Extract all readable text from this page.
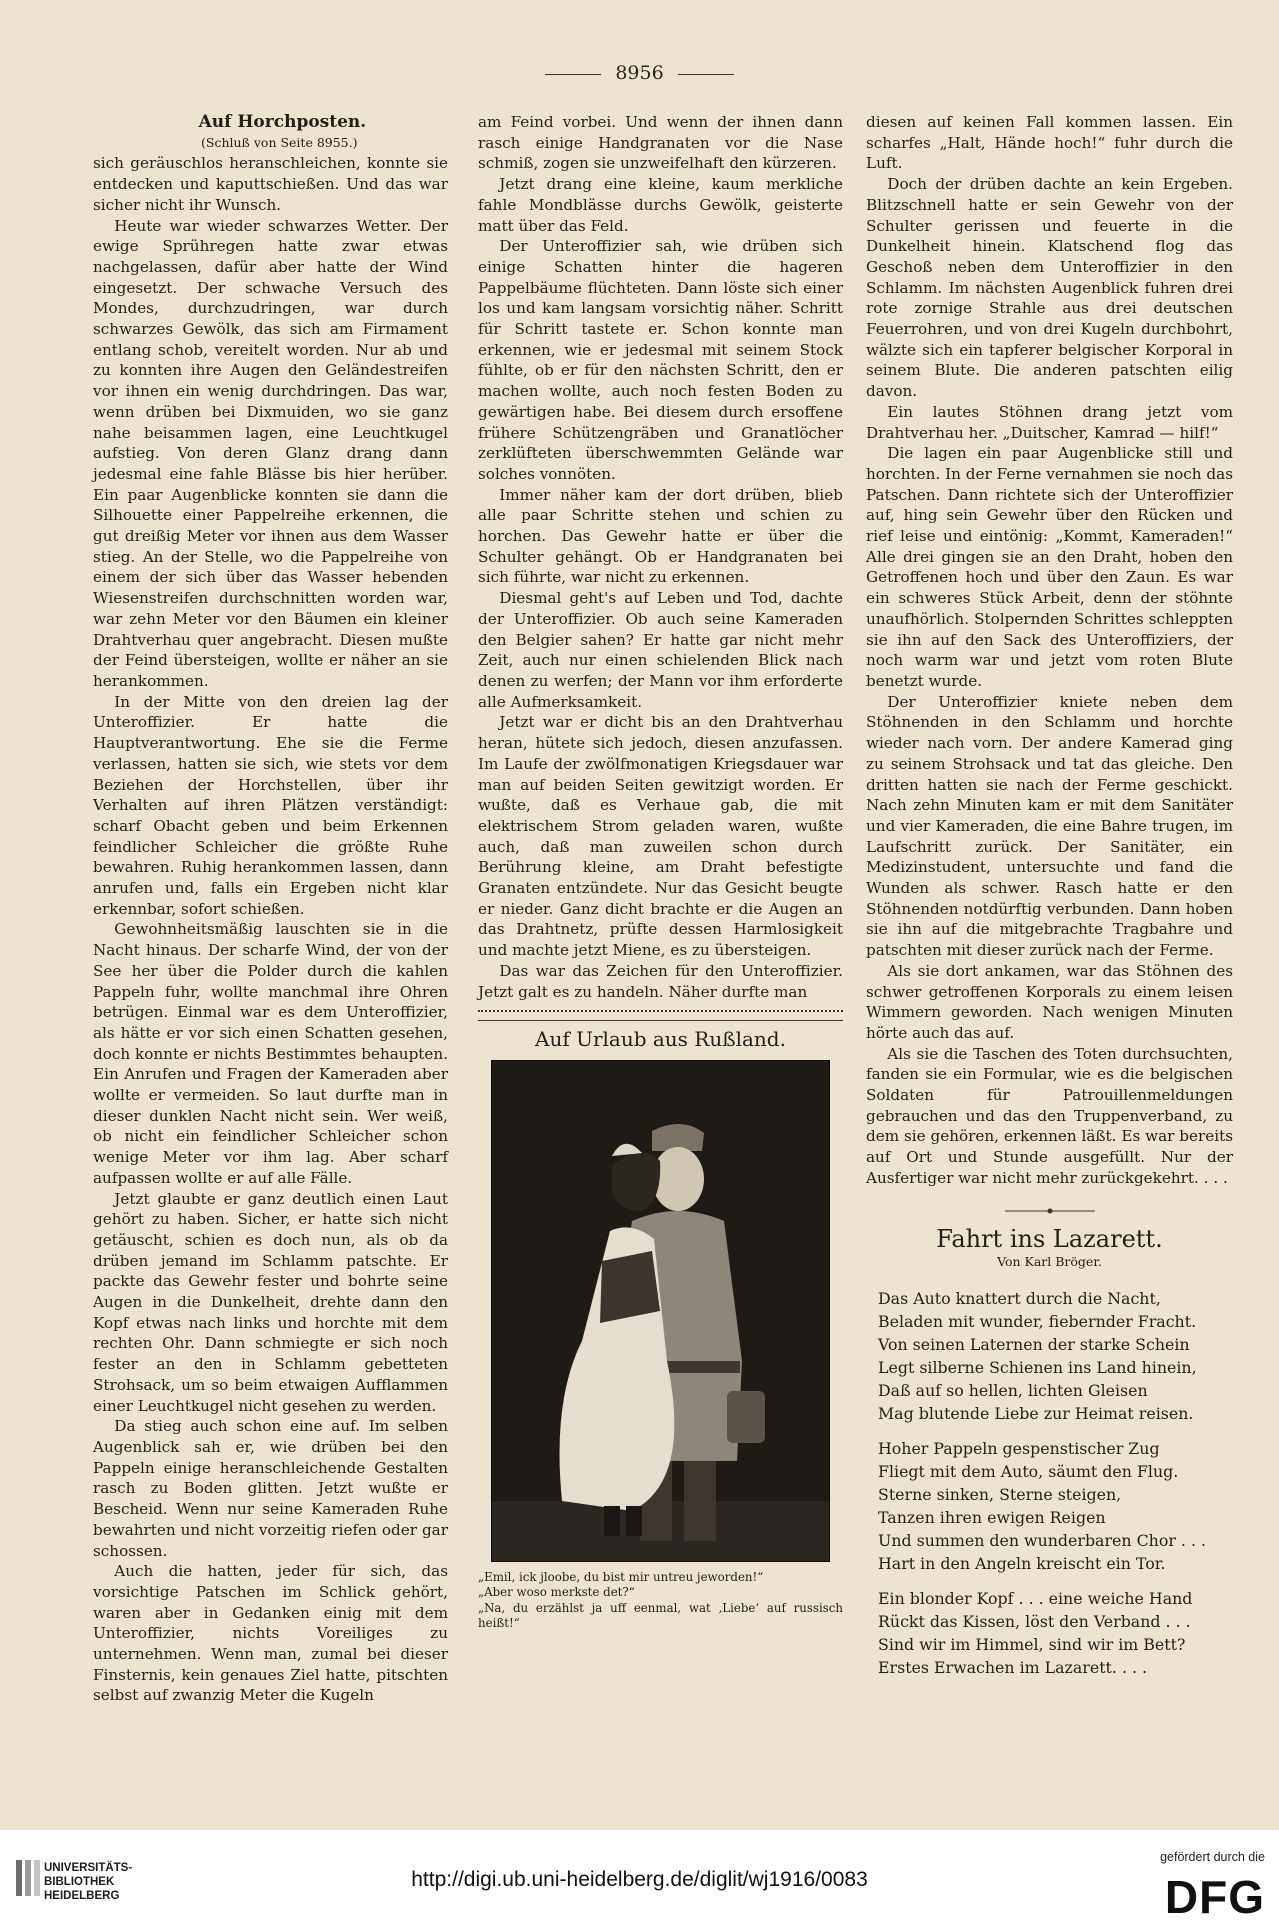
8956

Auf Horchposten.

(Schluß von Seite 8955.)

sich geräuschlos heranschleichen, konnte sie entdecken und kaputtschießen. Und das war sicher nicht ihr Wunsch.

Heute war wieder schwarzes Wetter. Der ewige Sprühregen hatte zwar etwas nachgelassen, dafür aber hatte der Wind eingesetzt. Der schwache Versuch des Mondes, durchzudringen, war durch schwarzes Gewölk, das sich am Firmament entlang schob, vereitelt worden. Nur ab und zu konnten ihre Augen den Geländestreifen vor ihnen ein wenig durchdringen. Das war, wenn drüben bei Dixmuiden, wo sie ganz nahe beisammen lagen, eine Leuchtkugel aufstieg. Von deren Glanz drang dann jedesmal eine fahle Blässe bis hier herüber. Ein paar Augenblicke konnten sie dann die Silhouette einer Pappelreihe erkennen, die gut dreißig Meter vor ihnen aus dem Wasser stieg. An der Stelle, wo die Pappelreihe von einem der sich über das Wasser hebenden Wiesenstreifen durchschnitten worden war, war zehn Meter vor den Bäumen ein kleiner Drahtverhau quer angebracht. Diesen mußte der Feind übersteigen, wollte er näher an sie herankommen.

In der Mitte von den dreien lag der Unteroffizier. Er hatte die Hauptverantwortung. Ehe sie die Ferme verlassen, hatten sie sich, wie stets vor dem Beziehen der Horchstellen, über ihr Verhalten auf ihren Plätzen verständigt: scharf Obacht geben und beim Erkennen feindlicher Schleicher die größte Ruhe bewahren. Ruhig herankommen lassen, dann anrufen und, falls ein Ergeben nicht klar erkennbar, sofort schießen.

Gewohnheitsmäßig lauschten sie in die Nacht hinaus. Der scharfe Wind, der von der See her über die Polder durch die kahlen Pappeln fuhr, wollte manchmal ihre Ohren betrügen. Einmal war es dem Unteroffizier, als hätte er vor sich einen Schatten gesehen, doch konnte er nichts Bestimmtes behaupten. Ein Anrufen und Fragen der Kameraden aber wollte er vermeiden. So laut durfte man in dieser dunklen Nacht nicht sein. Wer weiß, ob nicht ein feindlicher Schleicher schon wenige Meter vor ihm lag. Aber scharf aufpassen wollte er auf alle Fälle.

Jetzt glaubte er ganz deutlich einen Laut gehört zu haben. Sicher, er hatte sich nicht getäuscht, schien es doch nun, als ob da drüben jemand im Schlamm patschte. Er packte das Gewehr fester und bohrte seine Augen in die Dunkelheit, drehte dann den Kopf etwas nach links und horchte mit dem rechten Ohr. Dann schmiegte er sich noch fester an den in Schlamm gebetteten Strohsack, um so beim etwaigen Aufflammen einer Leuchtkugel nicht gesehen zu werden.

Da stieg auch schon eine auf. Im selben Augenblick sah er, wie drüben bei den Pappeln einige heranschleichende Gestalten rasch zu Boden glitten. Jetzt wußte er Bescheid. Wenn nur seine Kameraden Ruhe bewahrten und nicht vorzeitig riefen oder gar schossen.

Auch die hatten, jeder für sich, das vorsichtige Patschen im Schlick gehört, waren aber in Gedanken einig mit dem Unteroffizier, nichts Voreiliges zu unternehmen. Wenn man, zumal bei dieser Finsternis, kein genaues Ziel hatte, pitschten selbst auf zwanzig Meter die Kugeln

am Feind vorbei. Und wenn der ihnen dann rasch einige Handgranaten vor die Nase schmiß, zogen sie unzweifelhaft den kürzeren.

Jetzt drang eine kleine, kaum merkliche fahle Mondblässe durchs Gewölk, geisterte matt über das Feld.

Der Unteroffizier sah, wie drüben sich einige Schatten hinter die hageren Pappelbäume flüchteten. Dann löste sich einer los und kam langsam vorsichtig näher. Schritt für Schritt tastete er. Schon konnte man erkennen, wie er jedesmal mit seinem Stock fühlte, ob er für den nächsten Schritt, den er machen wollte, auch noch festen Boden zu gewärtigen habe. Bei diesem durch ersoffene frühere Schützengräben und Granatlöcher zerklüfteten überschwemmten Gelände war solches vonnöten.

Immer näher kam der dort drüben, blieb alle paar Schritte stehen und schien zu horchen. Das Gewehr hatte er über die Schulter gehängt. Ob er Handgranaten bei sich führte, war nicht zu erkennen.

Diesmal geht's auf Leben und Tod, dachte der Unteroffizier. Ob auch seine Kameraden den Belgier sahen? Er hatte gar nicht mehr Zeit, auch nur einen schielenden Blick nach denen zu werfen; der Mann vor ihm erforderte alle Aufmerksamkeit.

Jetzt war er dicht bis an den Drahtverhau heran, hütete sich jedoch, diesen anzufassen. Im Laufe der zwölfmonatigen Kriegsdauer war man auf beiden Seiten gewitzigt worden. Er wußte, daß es Verhaue gab, die mit elektrischem Strom geladen waren, wußte auch, daß man zuweilen schon durch Berührung kleine, am Draht befestigte Granaten entzündete. Nur das Gesicht beugte er nieder. Ganz dicht brachte er die Augen an das Drahtnetz, prüfte dessen Harmlosigkeit und machte jetzt Miene, es zu übersteigen.

Das war das Zeichen für den Unteroffizier. Jetzt galt es zu handeln. Näher durfte man

Auf Urlaub aus Rußland.

„Emil, ick jloobe, du bist mir untreu jeworden!“

„Aber woso merkste det?“

„Na, du erzählst ja uff eenmal, wat ‚Liebe‘ auf russisch heißt!“

diesen auf keinen Fall kommen lassen. Ein scharfes „Halt, Hände hoch!“ fuhr durch die Luft.

Doch der drüben dachte an kein Ergeben. Blitzschnell hatte er sein Gewehr von der Schulter gerissen und feuerte in die Dunkelheit hinein. Klatschend flog das Geschoß neben dem Unteroffizier in den Schlamm. Im nächsten Augenblick fuhren drei rote zornige Strahle aus drei deutschen Feuerrohren, und von drei Kugeln durchbohrt, wälzte sich ein tapferer belgischer Korporal in seinem Blute. Die anderen patschten eilig davon.

Ein lautes Stöhnen drang jetzt vom Drahtverhau her. „Duitscher, Kamrad — hilf!“

Die lagen ein paar Augenblicke still und horchten. In der Ferne vernahmen sie noch das Patschen. Dann richtete sich der Unteroffizier auf, hing sein Gewehr über den Rücken und rief leise und eintönig: „Kommt, Kameraden!“ Alle drei gingen sie an den Draht, hoben den Getroffenen hoch und über den Zaun. Es war ein schweres Stück Arbeit, denn der stöhnte unaufhörlich. Stolpernden Schrittes schleppten sie ihn auf den Sack des Unteroffiziers, der noch warm war und jetzt vom roten Blute benetzt wurde.

Der Unteroffizier kniete neben dem Stöhnenden in den Schlamm und horchte wieder nach vorn. Der andere Kamerad ging zu seinem Strohsack und tat das gleiche. Den dritten hatten sie nach der Ferme geschickt. Nach zehn Minuten kam er mit dem Sanitäter und vier Kameraden, die eine Bahre trugen, im Laufschritt zurück. Der Sanitäter, ein Medizinstudent, untersuchte und fand die Wunden als schwer. Rasch hatte er den Stöhnenden notdürftig verbunden. Dann hoben sie ihn auf die mitgebrachte Tragbahre und patschten mit dieser zurück nach der Ferme.

Als sie dort ankamen, war das Stöhnen des schwer getroffenen Korporals zu einem leisen Wimmern geworden. Nach wenigen Minuten hörte auch das auf.

Als sie die Taschen des Toten durchsuchten, fanden sie ein Formular, wie es die belgischen Soldaten für Patrouillenmeldungen gebrauchen und das den Truppenverband, zu dem sie gehören, erkennen läßt. Es war bereits auf Ort und Stunde ausgefüllt. Nur der Ausfertiger war nicht mehr zurückgekehrt. . . .

Fahrt ins Lazarett.
Von Karl Bröger.
Das Auto knattert durch die Nacht,
Beladen mit wunder, fiebernder Fracht.
Von seinen Laternen der starke Schein
Legt silberne Schienen ins Land hinein,
Daß auf so hellen, lichten Gleisen
Mag blutende Liebe zur Heimat reisen.
Hoher Pappeln gespenstischer Zug
Fliegt mit dem Auto, säumt den Flug.
Sterne sinken, Sterne steigen,
Tanzen ihren ewigen Reigen
Und summen den wunderbaren Chor . . .
Hart in den Angeln kreischt ein Tor.
Ein blonder Kopf . . . eine weiche Hand
Rückt das Kissen, löst den Verband . . .
Sind wir im Himmel, sind wir im Bett?
Erstes Erwachen im Lazarett. . . .
UNIVERSITÄTS-
BIBLIOTHEK
HEIDELBERG
http://digi.ub.uni-heidelberg.de/diglit/wj1916/0083
gefördert durch die
DFG
